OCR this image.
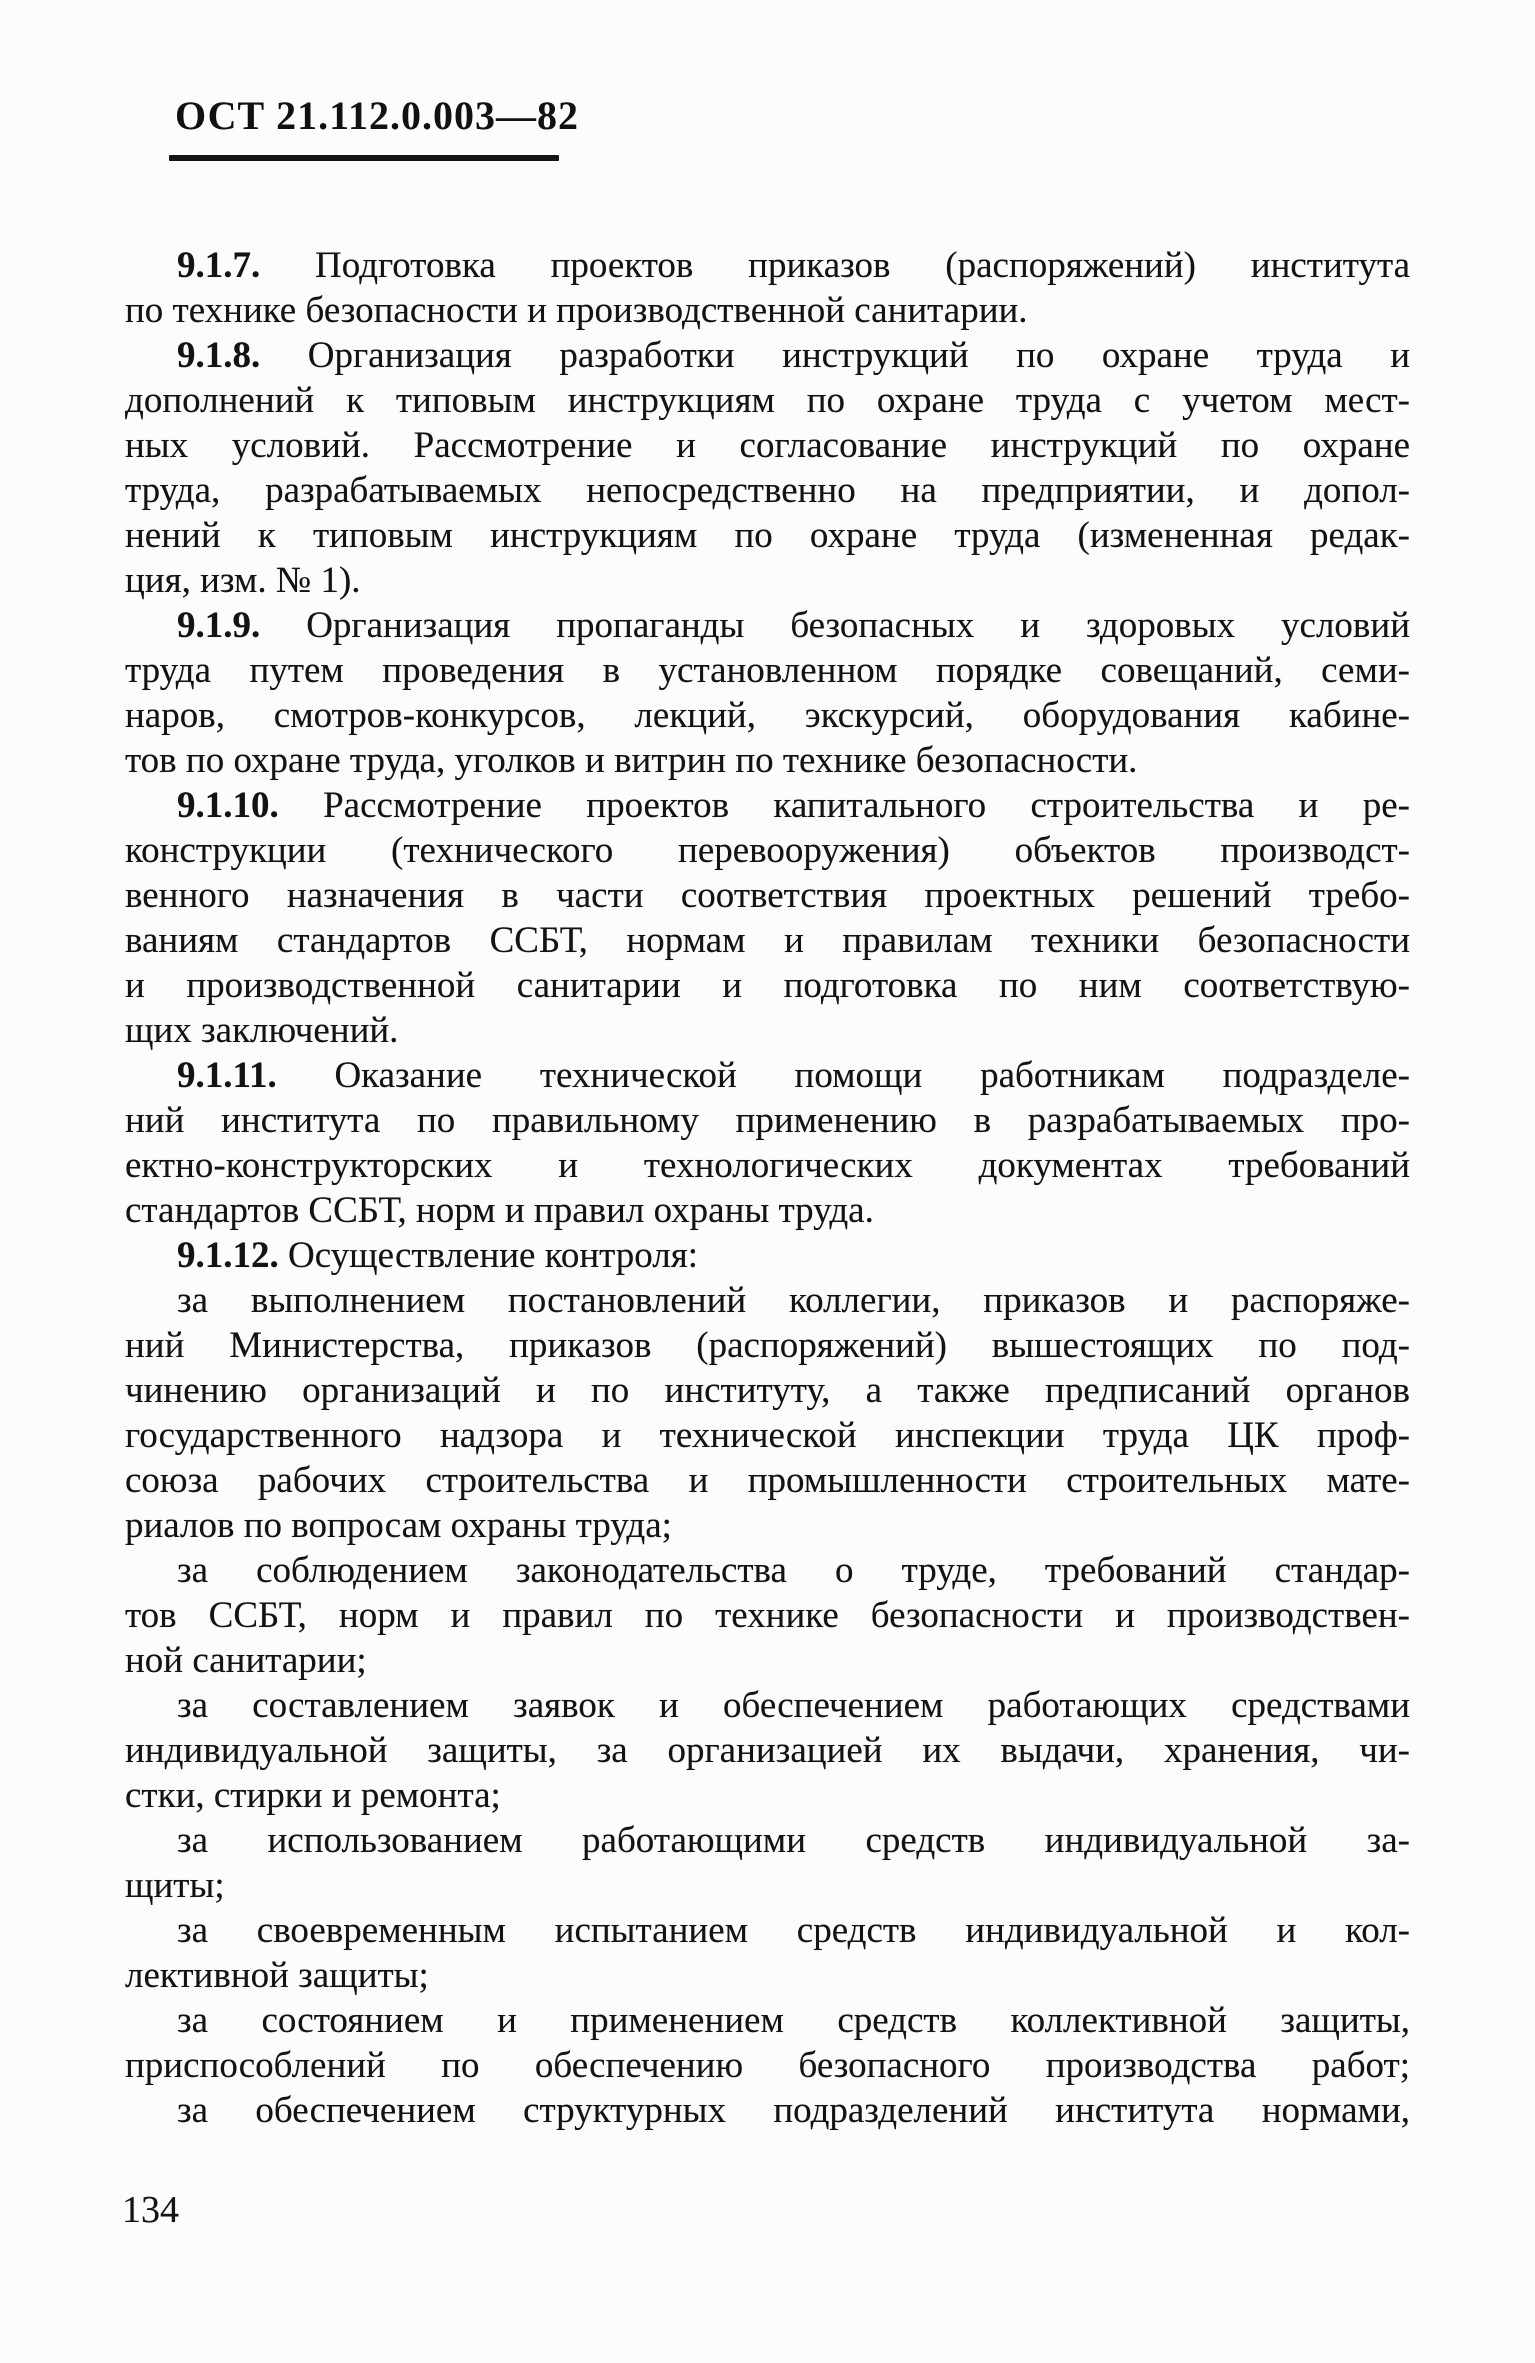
ОСТ 21.112.0.003—82

9.1.7. Подготовка проектов приказов (распоряжений) института
по технике безопасности и производственной санитарии.

9.1.8. Организация разработки инструкций по охране труда и
дополнений к типовым инструкциям по охране труда с учетом мест-
ных условий. Рассмотрение и согласование инструкций по охране
труда, разрабатываемых непосредственно на предприятии, и допол-
нений к типовым инструкциям по охране труда (измененная редак-
ция, изм. № 1).

9.1.9. Организация пропаганды безопасных и здоровых условий
труда путем проведения в установленном порядке совещаний, семи-
наров, смотров-конкурсов, лекций, экскурсий, оборудования кабине-
тов по охране труда, уголков и витрин по технике безопасности.

9.1.10. Рассмотрение проектов капитального строительства и ре-
конструкции (технического перевооружения) объектов производст-
венного назначения в части соответствия проектных решений требо-
ваниям стандартов ССБТ, нормам и правилам техники безопасности
и производственной санитарии и подготовка по ним соответствую-
щих заключений.

9.1.11. Оказание технической помощи работникам подразделе-
ний института по правильному применению в разрабатываемых про-
ектно-конструкторских и технологических документах требований
стандартов ССБТ, норм и правил охраны труда.

9.1.12. Осуществление контроля:

за выполнением постановлений коллегии, приказов и распоряже-
ний Министерства, приказов (распоряжений) вышестоящих по под-
чинению организаций и по институту, а также предписаний органов
государственного надзора и технической инспекции труда ЦК проф-
союза рабочих строительства и промышленности строительных мате-
риалов по вопросам охраны труда;

за соблюдением законодательства о труде, требований стандар-
тов ССБТ, норм и правил по технике безопасности и производствен-
ной санитарии;

за составлением заявок и обеспечением работающих средствами
индивидуальной защиты, за организацией их выдачи, хранения, чи-
стки, стирки и ремонта;

за использованием работающими средств индивидуальной за-
щиты;

за своевременным испытанием средств индивидуальной и кол-
лективной защиты;

за состоянием и применением средств коллективной защиты,
приспособлений по обеспечению безопасного производства работ;

за обеспечением структурных подразделений института нормами,

134
